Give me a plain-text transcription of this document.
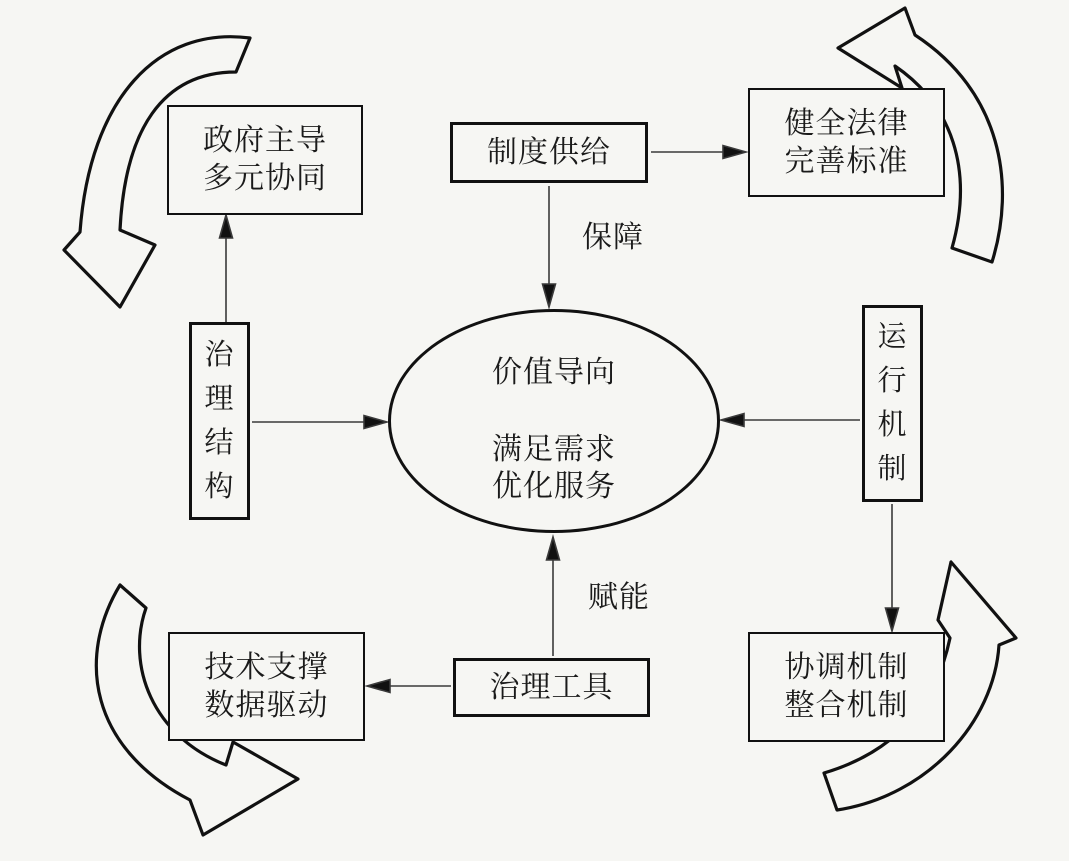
政府主导
多元协同
制度供给
健全法律
完善标准
治
理
结
构
价值导向
满足需求
优化服务
运
行
机
制
技术支撑
数据驱动
治理工具
协调机制
整合机制
保障
赋能
